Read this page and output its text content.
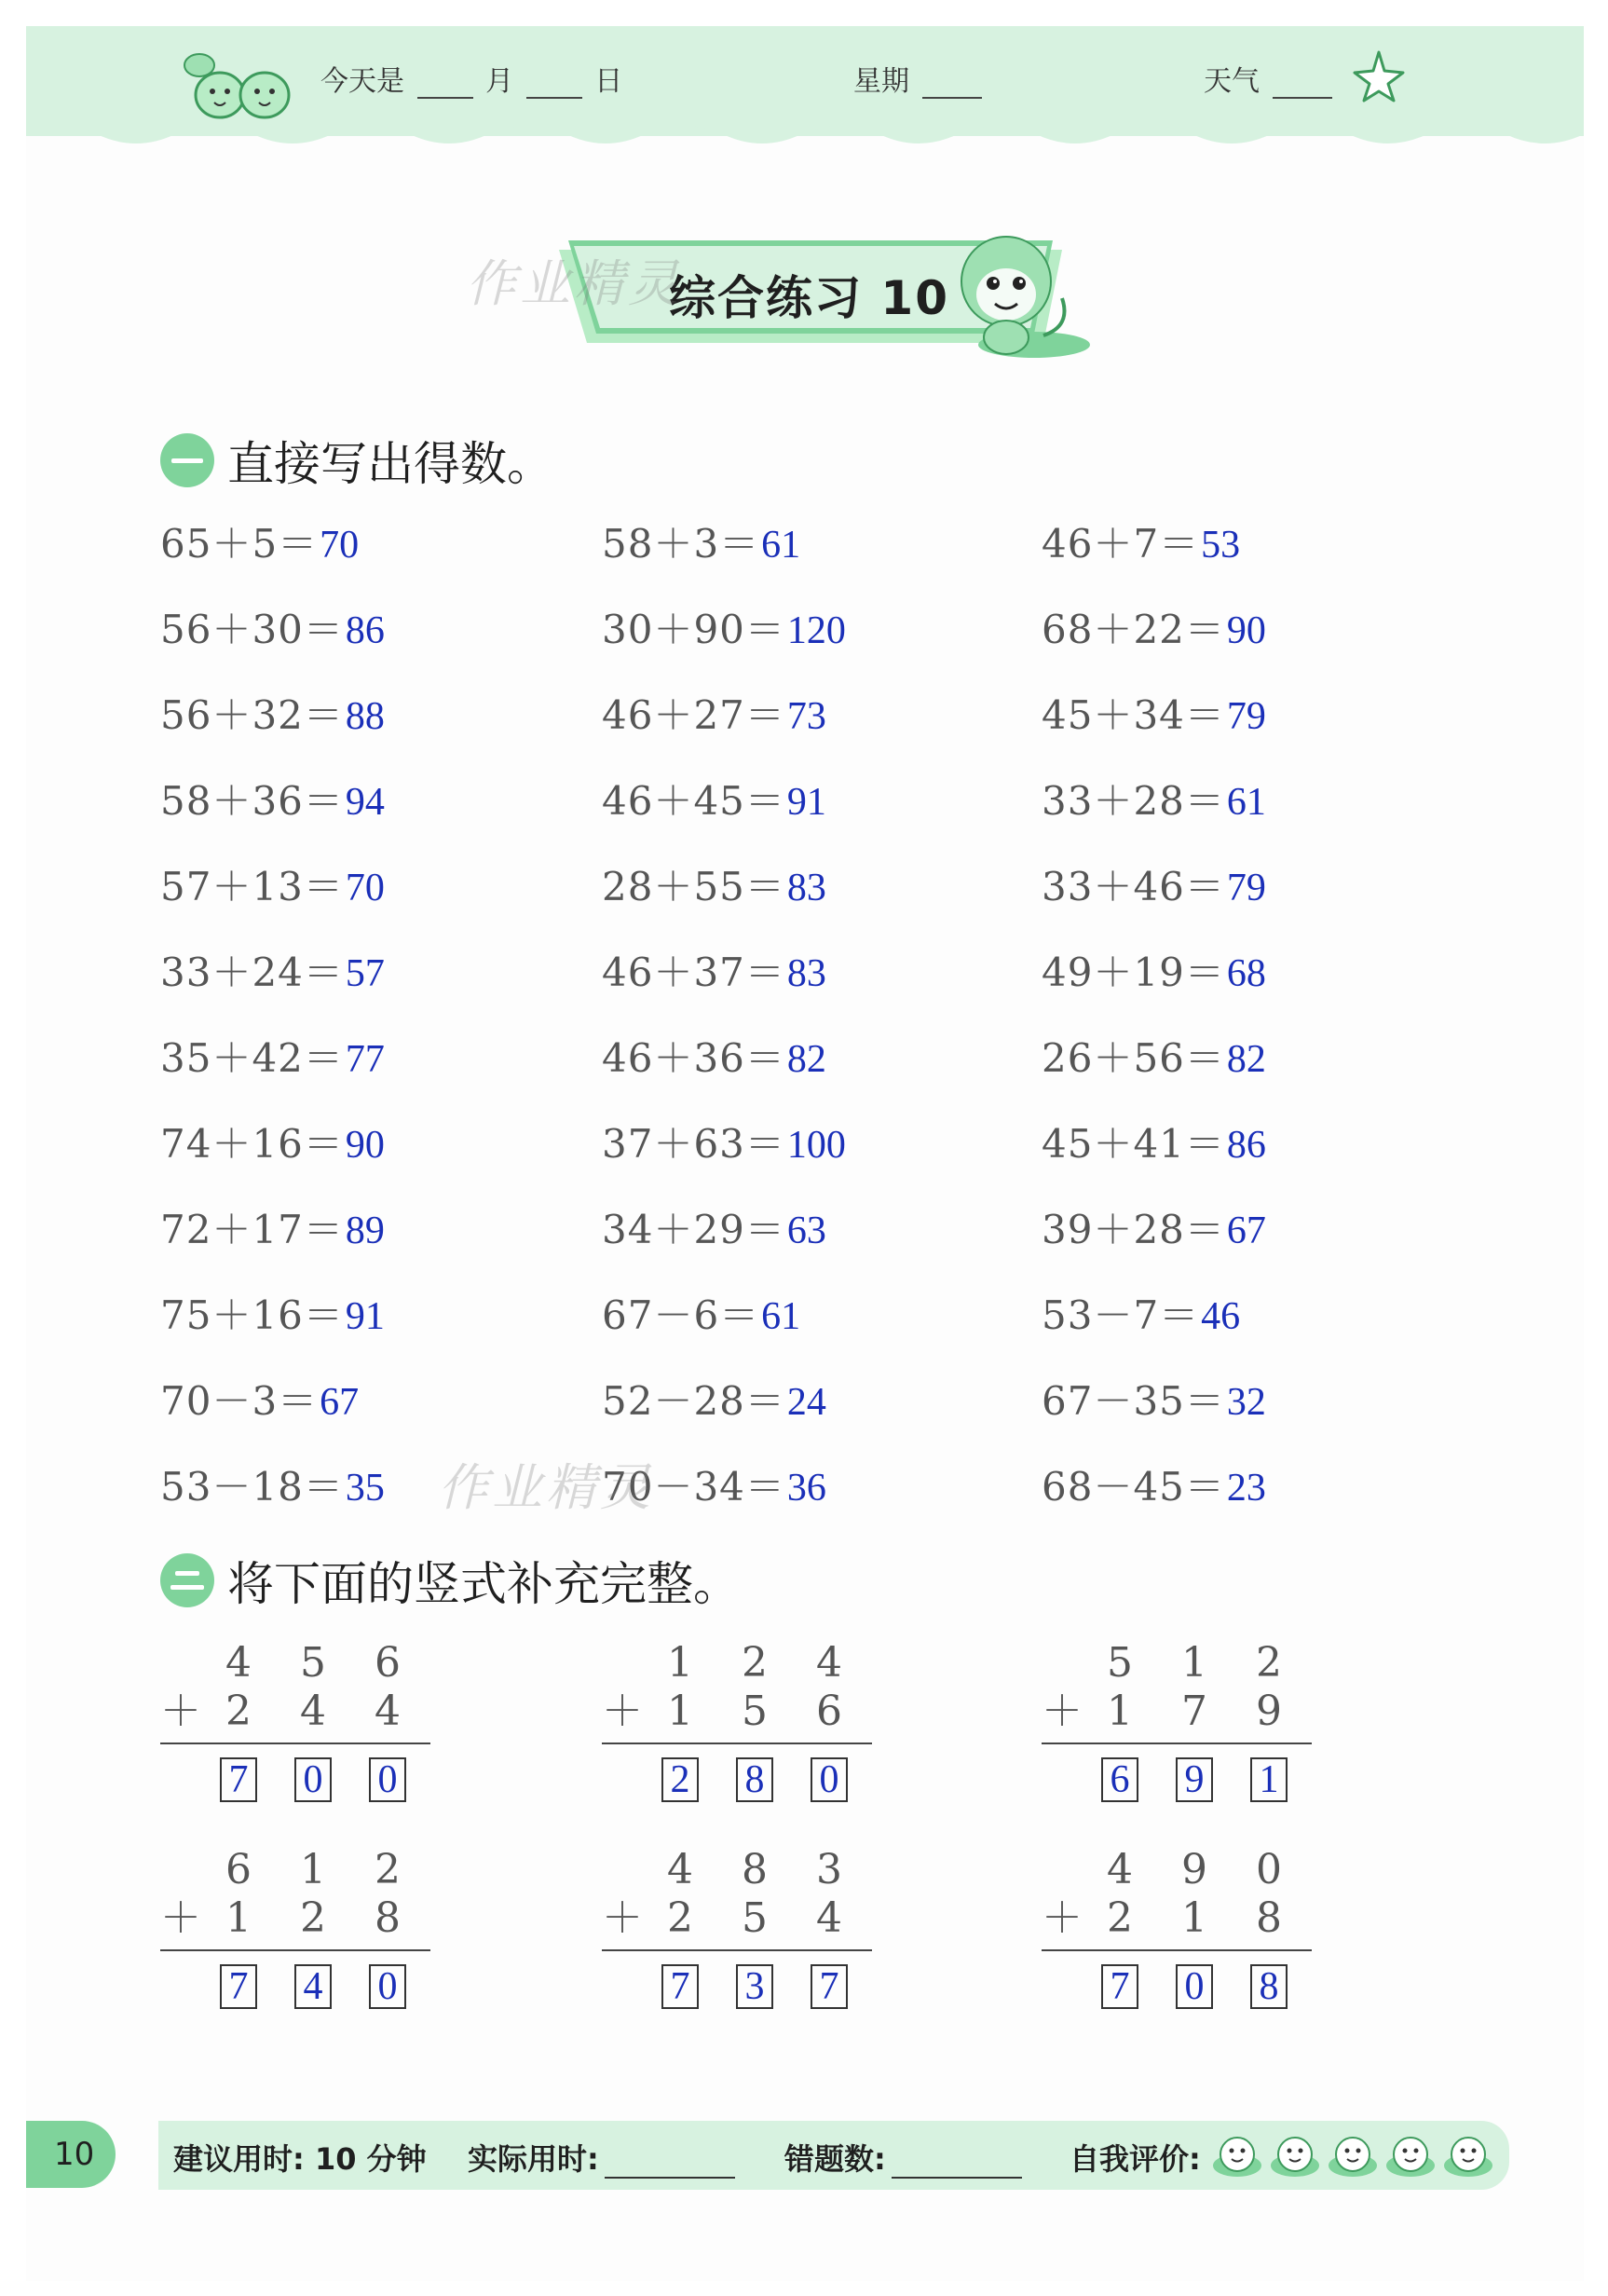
今天是	月	日	星期	天气
综合练习 10
作业精灵
直接写出得数。
65＋5＝70	58＋3＝61	46＋7＝53
56＋30＝86	30＋90＝120	68＋22＝90
56＋32＝88	46＋27＝73	45＋34＝79
58＋36＝94	46＋45＝91	33＋28＝61
57＋13＝70	28＋55＝83	33＋46＝79
33＋24＝57	46＋37＝83	49＋19＝68
35＋42＝77	46＋36＝82	26＋56＝82
74＋16＝90	37＋63＝100	45＋41＝86
72＋17＝89	34＋29＝63	39＋28＝67
75＋16＝91	67－6＝61	53－7＝46
70－3＝67	52－28＝24	67－35＝32
53－18＝35	70－34＝36	68－45＝23
作业精灵
将下面的竖式补充完整。
4 5 6
＋ 2 4 4
7 0 0
1 2 4
＋ 1 5 6
2 8 0
5 1 2
＋ 1 7 9
6 9 1
6 1 2
＋ 1 2 8
7 4 0
4 8 3
＋ 2 5 4
7 3 7
4 9 0
＋ 2 1 8
7 0 8
10	建议用时: 10 分钟 实际用时:	错题数:	自我评价:
